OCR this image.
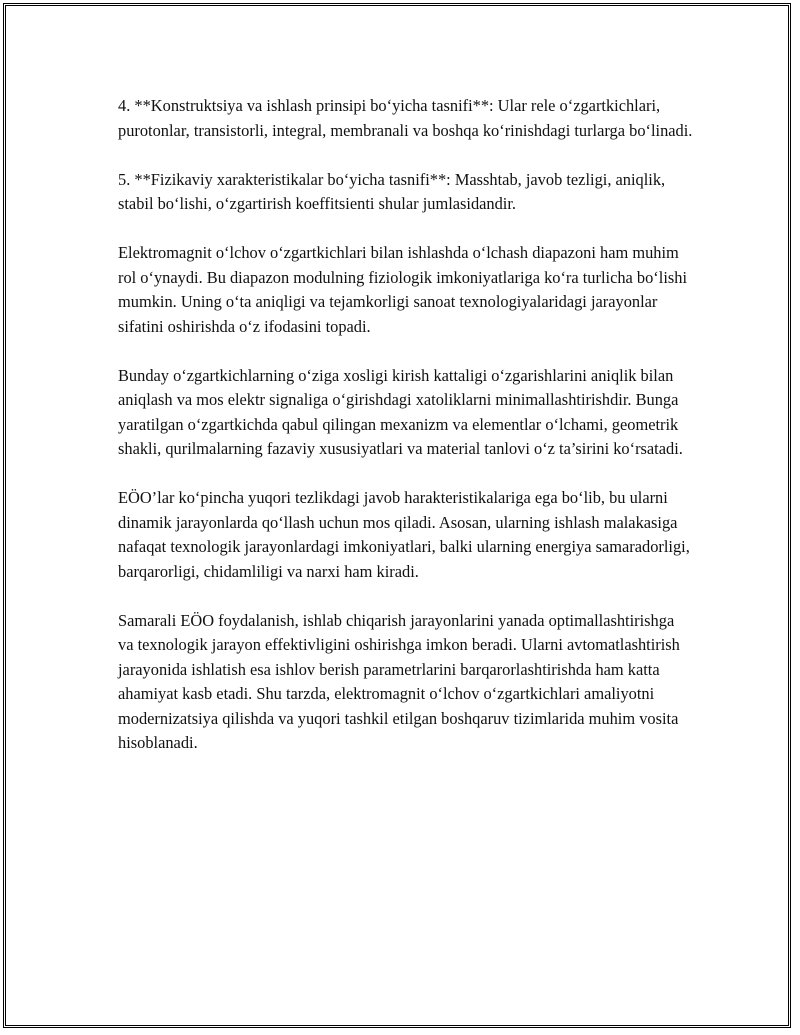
4. **Konstruktsiya va ishlash prinsipi bo‘yicha tasnifi**: Ular rele o‘zgartkichlari, purotonlar, transistorli, integral, membranali va boshqa ko‘rinishdagi turlarga bo‘linadi.

5. **Fizikaviy xarakteristikalar bo‘yicha tasnifi**: Masshtab, javob tezligi, aniqlik, stabil bo‘lishi, o‘zgartirish koeffitsienti shular jumlasidandir.

Elektromagnit o‘lchov o‘zgartkichlari bilan ishlashda o‘lchash diapazoni ham muhim rol o‘ynaydi. Bu diapazon modulning fiziologik imkoniyatlariga ko‘ra turlicha bo‘lishi mumkin. Uning o‘ta aniqligi va tejamkorligi sanoat texnologiyalaridagi jarayonlar sifatini oshirishda o‘z ifodasini topadi.

Bunday o‘zgartkichlarning o‘ziga xosligi kirish kattaligi o‘zgarishlarini aniqlik bilan aniqlash va mos elektr signaliga o‘girishdagi xatoliklarni minimallashtirishdir. Bunga yaratilgan o‘zgartkichda qabul qilingan mexanizm va elementlar o‘lchami, geometrik shakli, qurilmalarning fazaviy xususiyatlari va material tanlovi o‘z ta’sirini ko‘rsatadi.

EÖO’lar ko‘pincha yuqori tezlikdagi javob harakteristikalariga ega bo‘lib, bu ularni dinamik jarayonlarda qo‘llash uchun mos qiladi. Asosan, ularning ishlash malakasiga nafaqat texnologik jarayonlardagi imkoniyatlari, balki ularning energiya samaradorligi, barqarorligi, chidamliligi va narxi ham kiradi.

Samarali EÖO foydalanish, ishlab chiqarish jarayonlarini yanada optimallashtirishga va texnologik jarayon effektivligini oshirishga imkon beradi. Ularni avtomatlashtirish jarayonida ishlatish esa ishlov berish parametrlarini barqarorlashtirishda ham katta ahamiyat kasb etadi. Shu tarzda, elektromagnit o‘lchov o‘zgartkichlari amaliyotni modernizatsiya qilishda va yuqori tashkil etilgan boshqaruv tizimlarida muhim vosita hisoblanadi.
